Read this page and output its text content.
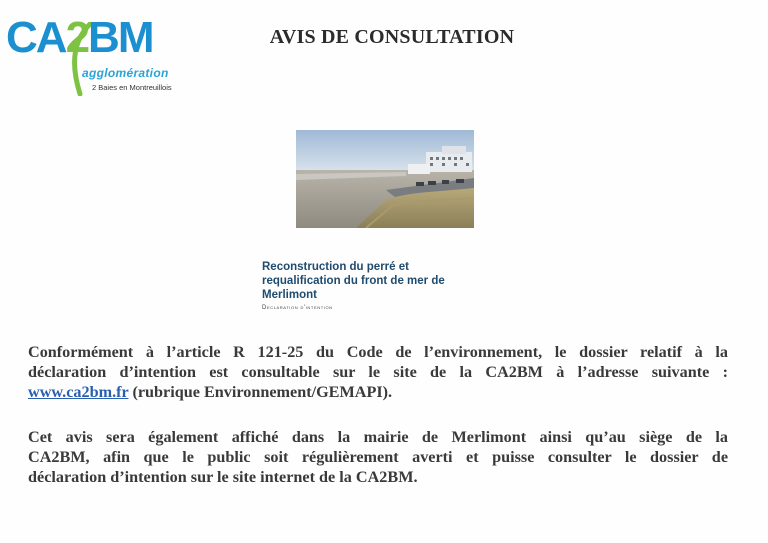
CA2BM
agglomération
2 Baies en Montreuillois
AVIS DE CONSULTATION
Reconstruction du perré et
requalification du front de mer de
Merlimont
Declaration d'intention
Conformément à l’article R 121-25 du Code de l’environnement, le dossier relatif à la
déclaration d’intention est consultable sur le site de la CA2BM à l’adresse suivante :
www.ca2bm.fr (rubrique Environnement/GEMAPI).
Cet avis sera également affiché dans la mairie de Merlimont ainsi qu’au siège de la
CA2BM, afin que le public soit régulièrement averti et puisse consulter le dossier de
déclaration d’intention sur le site internet de la CA2BM.
